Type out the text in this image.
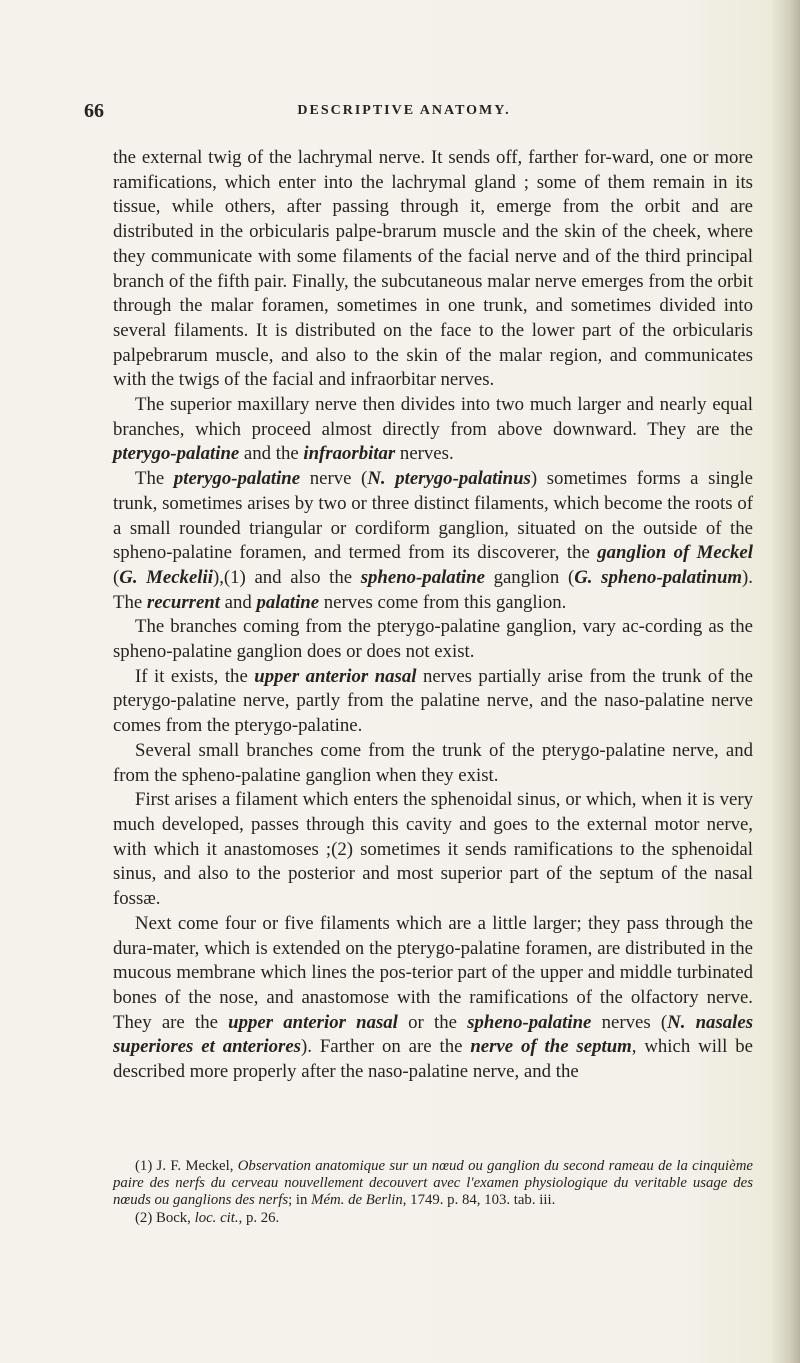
66	DESCRIPTIVE ANATOMY.

the external twig of the lachrymal nerve. It sends off, farther for-ward, one or more ramifications, which enter into the lachrymal gland ; some of them remain in its tissue, while others, after passing through it, emerge from the orbit and are distributed in the orbicularis palpe-brarum muscle and the skin of the cheek, where they communicate with some filaments of the facial nerve and of the third principal branch of the fifth pair. Finally, the subcutaneous malar nerve emerges from the orbit through the malar foramen, sometimes in one trunk, and sometimes divided into several filaments. It is distributed on the face to the lower part of the orbicularis palpebrarum muscle, and also to the skin of the malar region, and communicates with the twigs of the facial and infraorbitar nerves.

The superior maxillary nerve then divides into two much larger and nearly equal branches, which proceed almost directly from above downward. They are the pterygo-palatine and the infraorbitar nerves.

The pterygo-palatine nerve (N. pterygo-palatinus) sometimes forms a single trunk, sometimes arises by two or three distinct filaments, which become the roots of a small rounded triangular or cordiform ganglion, situated on the outside of the spheno-palatine foramen, and termed from its discoverer, the ganglion of Meckel (G. Meckelii),(1) and also the spheno-palatine ganglion (G. spheno-palatinum). The recurrent and palatine nerves come from this ganglion.

The branches coming from the pterygo-palatine ganglion, vary ac-cording as the spheno-palatine ganglion does or does not exist.

If it exists, the upper anterior nasal nerves partially arise from the trunk of the pterygo-palatine nerve, partly from the palatine nerve, and the naso-palatine nerve comes from the pterygo-palatine.

Several small branches come from the trunk of the pterygo-palatine nerve, and from the spheno-palatine ganglion when they exist.

First arises a filament which enters the sphenoidal sinus, or which, when it is very much developed, passes through this cavity and goes to the external motor nerve, with which it anastomoses ;(2) sometimes it sends ramifications to the sphenoidal sinus, and also to the posterior and most superior part of the septum of the nasal fossæ.

Next come four or five filaments which are a little larger; they pass through the dura-mater, which is extended on the pterygo-palatine foramen, are distributed in the mucous membrane which lines the pos-terior part of the upper and middle turbinated bones of the nose, and anastomose with the ramifications of the olfactory nerve. They are the upper anterior nasal or the spheno-palatine nerves (N. nasales superiores et anteriores). Farther on are the nerve of the septum, which will be described more properly after the naso-palatine nerve, and the

(1) J. F. Meckel, Observation anatomique sur un nœud ou ganglion du second rameau de la cinquième paire des nerfs du cerveau nouvellement decouvert avec l'examen physiologique du veritable usage des nœuds ou ganglions des nerfs; in Mém. de Berlin, 1749. p. 84, 103. tab. iii.

(2) Bock, loc. cit., p. 26.
